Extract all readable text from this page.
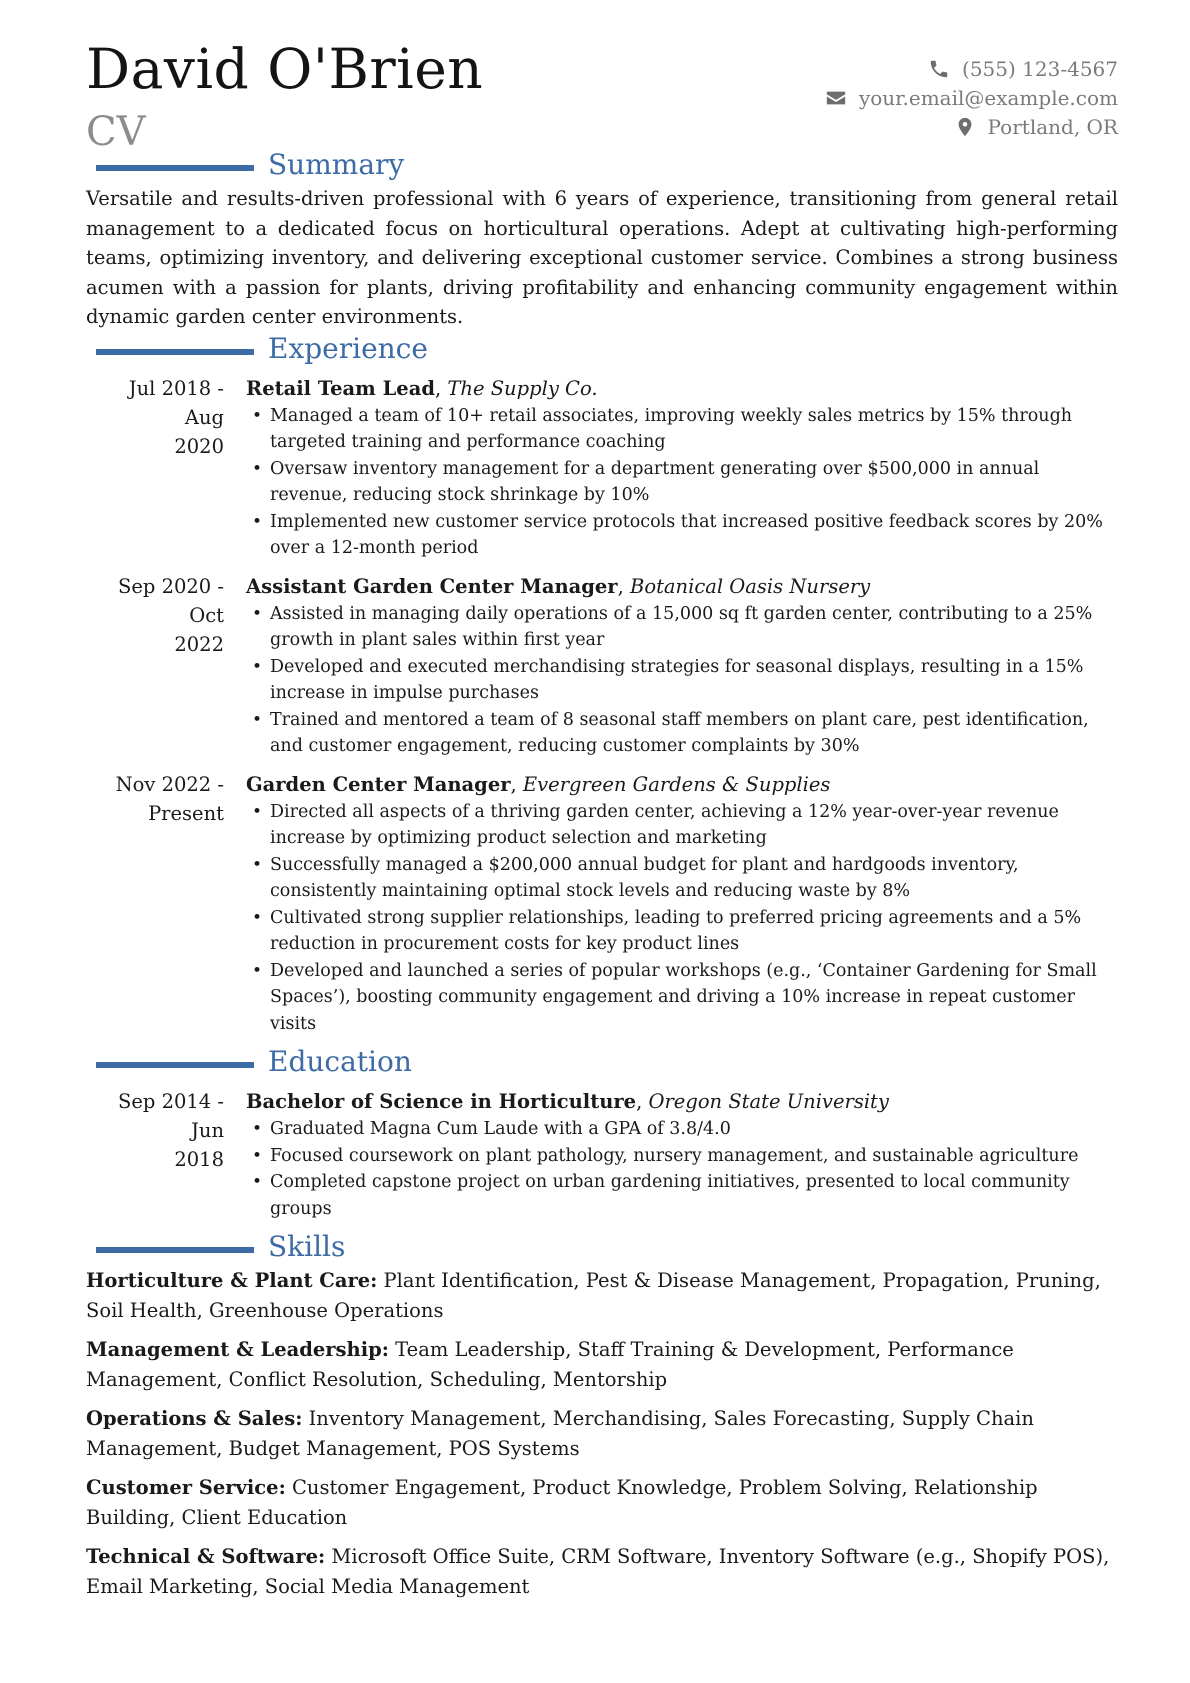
David O'Brien
CV
(555) 123-4567
your.email@example.com
Portland, OR
Summary

Versatile and results-driven professional with 6 years of experience, transitioning from general retail management to a dedicated focus on horticultural operations. Adept at cultivating high-performing teams, optimizing inventory, and delivering exceptional customer service. Combines a strong business acumen with a passion for plants, driving profitability and enhancing community engagement within dynamic garden center environments.

Experience
Jul 2018 - Aug
2020
Retail Team Lead, The Supply Co.
• Managed a team of 10+ retail associates, improving weekly sales metrics by 15% through targeted training and performance coaching
• Oversaw inventory management for a department generating over $500,000 in annual revenue, reducing stock shrinkage by 10%
• Implemented new customer service protocols that increased positive feedback scores by 20% over a 12-month period
Sep 2020 - Oct
2022
Assistant Garden Center Manager, Botanical Oasis Nursery
• Assisted in managing daily operations of a 15,000 sq ft garden center, contributing to a 25% growth in plant sales within first year
• Developed and executed merchandising strategies for seasonal displays, resulting in a 15% increase in impulse purchases
• Trained and mentored a team of 8 seasonal staff members on plant care, pest identification, and customer engagement, reducing customer complaints by 30%
Nov 2022 -
Present
Garden Center Manager, Evergreen Gardens & Supplies
• Directed all aspects of a thriving garden center, achieving a 12% year-over-year revenue increase by optimizing product selection and marketing
• Successfully managed a $200,000 annual budget for plant and hardgoods inventory, consistently maintaining optimal stock levels and reducing waste by 8%
• Cultivated strong supplier relationships, leading to preferred pricing agreements and a 5% reduction in procurement costs for key product lines
• Developed and launched a series of popular workshops (e.g., ‘Container Gardening for Small Spaces’), boosting community engagement and driving a 10% increase in repeat customer visits
Education
Sep 2014 - Jun
2018
Bachelor of Science in Horticulture, Oregon State University
• Graduated Magna Cum Laude with a GPA of 3.8/4.0
• Focused coursework on plant pathology, nursery management, and sustainable agriculture
• Completed capstone project on urban gardening initiatives, presented to local community groups
Skills

Horticulture & Plant Care: Plant Identification, Pest & Disease Management, Propagation, Pruning, Soil Health, Greenhouse Operations

Management & Leadership: Team Leadership, Staff Training & Development, Performance Management, Conflict Resolution, Scheduling, Mentorship

Operations & Sales: Inventory Management, Merchandising, Sales Forecasting, Supply Chain Management, Budget Management, POS Systems

Customer Service: Customer Engagement, Product Knowledge, Problem Solving, Relationship Building, Client Education

Technical & Software: Microsoft Office Suite, CRM Software, Inventory Software (e.g., Shopify POS), Email Marketing, Social Media Management
